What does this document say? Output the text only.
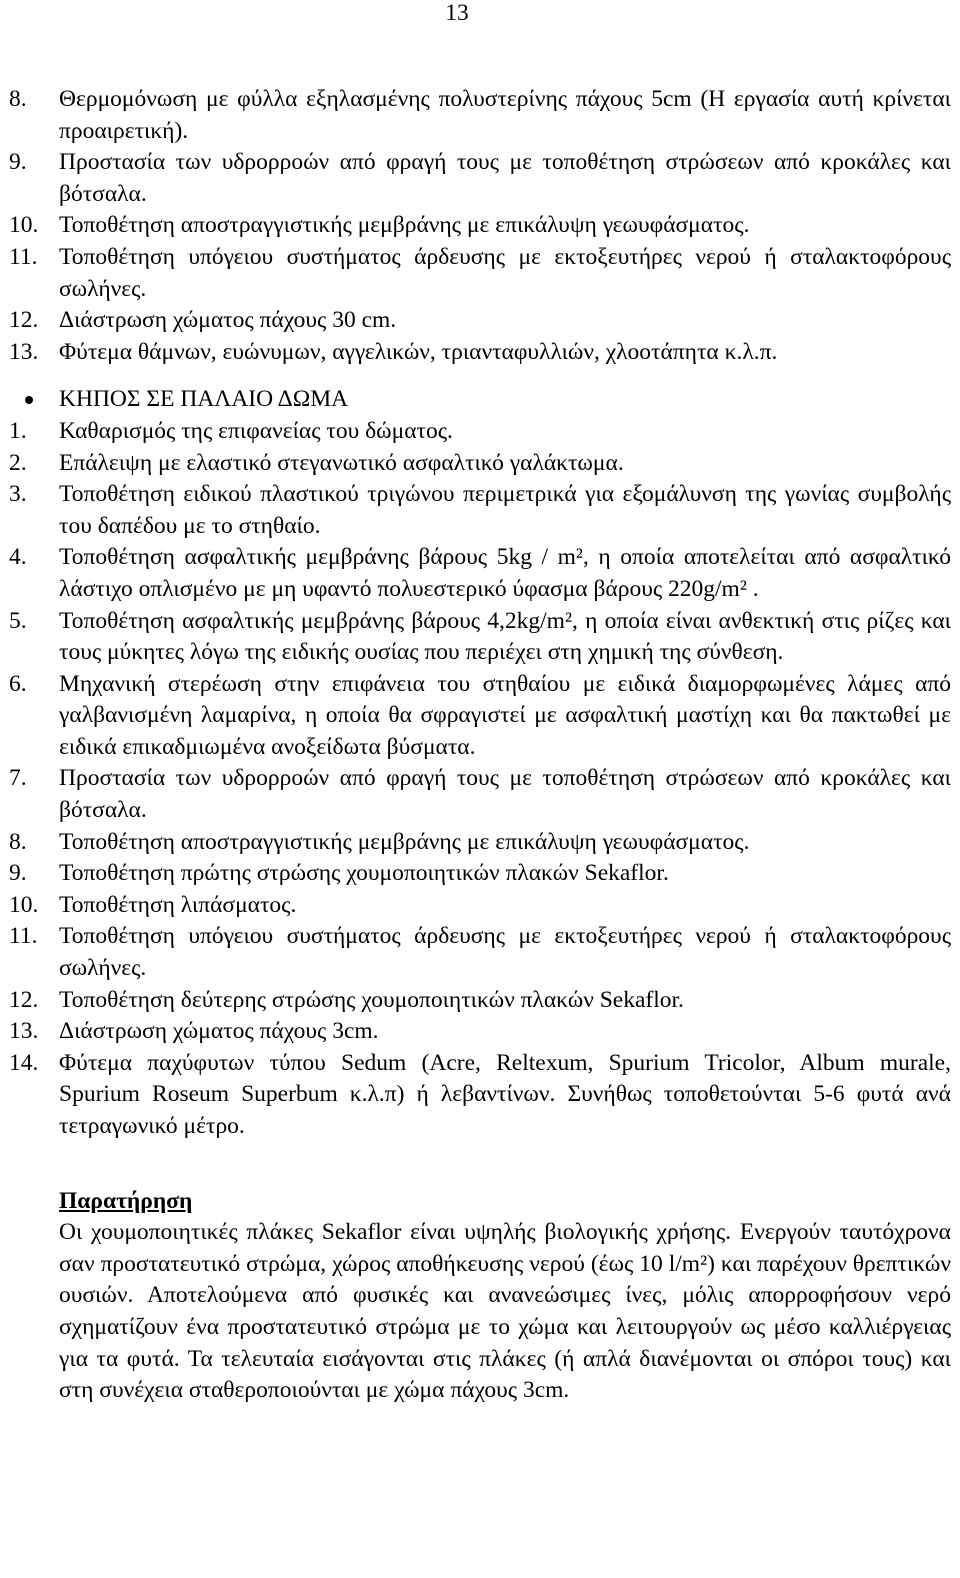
13
8. Θερμομόνωση με φύλλα εξηλασμένης πολυστερίνης πάχους 5cm (Η εργασία αυτή κρίνεται προαιρετική).
9. Προστασία των υδρορροών από φραγή τους με τοποθέτηση στρώσεων από κροκάλες και βότσαλα.
10. Τοποθέτηση αποστραγγιστικής μεμβράνης με επικάλυψη γεωυφάσματος.
11. Τοποθέτηση υπόγειου συστήματος άρδευσης με εκτοξευτήρες νερού ή σταλακτοφόρους σωλήνες.
12. Διάστρωση χώματος πάχους 30 cm.
13. Φύτεμα θάμνων, ευώνυμων, αγγελικών, τριανταφυλλιών, χλοοτάπητα κ.λ.π.
ΚΗΠΟΣ ΣΕ ΠΑΛΑΙΟ ΔΩΜΑ
1. Καθαρισμός της επιφανείας του δώματος.
2. Επάλειψη με ελαστικό στεγανωτικό ασφαλτικό γαλάκτωμα.
3. Τοποθέτηση ειδικού πλαστικού τριγώνου περιμετρικά για εξομάλυνση της γωνίας συμβολής του δαπέδου με το στηθαίο.
4. Τοποθέτηση ασφαλτικής μεμβράνης βάρους 5kg / m², η οποία αποτελείται από ασφαλτικό λάστιχο οπλισμένο με μη υφαντό πολυεστερικό ύφασμα βάρους 220g/m² .
5. Τοποθέτηση ασφαλτικής μεμβράνης βάρους 4,2kg/m², η οποία είναι ανθεκτική στις ρίζες και τους μύκητες λόγω της ειδικής ουσίας που περιέχει στη χημική της σύνθεση.
6. Μηχανική στερέωση στην επιφάνεια του στηθαίου με ειδικά διαμορφωμένες λάμες από γαλβανισμένη λαμαρίνα, η οποία θα σφραγιστεί με ασφαλτική μαστίχη και θα πακτωθεί με ειδικά επικαδμιωμένα ανοξείδωτα βύσματα.
7. Προστασία των υδρορροών από φραγή τους με τοποθέτηση στρώσεων από κροκάλες και βότσαλα.
8. Τοποθέτηση αποστραγγιστικής μεμβράνης με επικάλυψη γεωυφάσματος.
9. Τοποθέτηση πρώτης στρώσης χουμοποιητικών πλακών Sekaflor.
10. Τοποθέτηση λιπάσματος.
11. Τοποθέτηση υπόγειου συστήματος άρδευσης με εκτοξευτήρες νερού ή σταλακτοφόρους σωλήνες.
12. Τοποθέτηση δεύτερης στρώσης χουμοποιητικών πλακών Sekaflor.
13. Διάστρωση χώματος πάχους 3cm.
14. Φύτεμα παχύφυτων τύπου Sedum (Acre, Reltexum, Spurium Tricolor, Album murale, Spurium Roseum Superbum κ.λ.π) ή λεβαντίνων. Συνήθως τοποθετούνται 5-6 φυτά ανά τετραγωνικό μέτρο.
Παρατήρηση
Οι χουμοποιητικές πλάκες Sekaflor είναι υψηλής βιολογικής χρήσης. Ενεργούν ταυτόχρονα σαν προστατευτικό στρώμα, χώρος αποθήκευσης νερού (έως 10 l/m²) και παρέχουν θρεπτικών ουσιών. Αποτελούμενα από φυσικές και ανανεώσιμες ίνες, μόλις απορροφήσουν νερό σχηματίζουν ένα προστατευτικό στρώμα με το χώμα και λειτουργούν ως μέσο καλλιέργειας για τα φυτά. Τα τελευταία εισάγονται στις πλάκες (ή απλά διανέμονται οι σπόροι τους) και στη συνέχεια σταθεροποιούνται με χώμα πάχους 3cm.
